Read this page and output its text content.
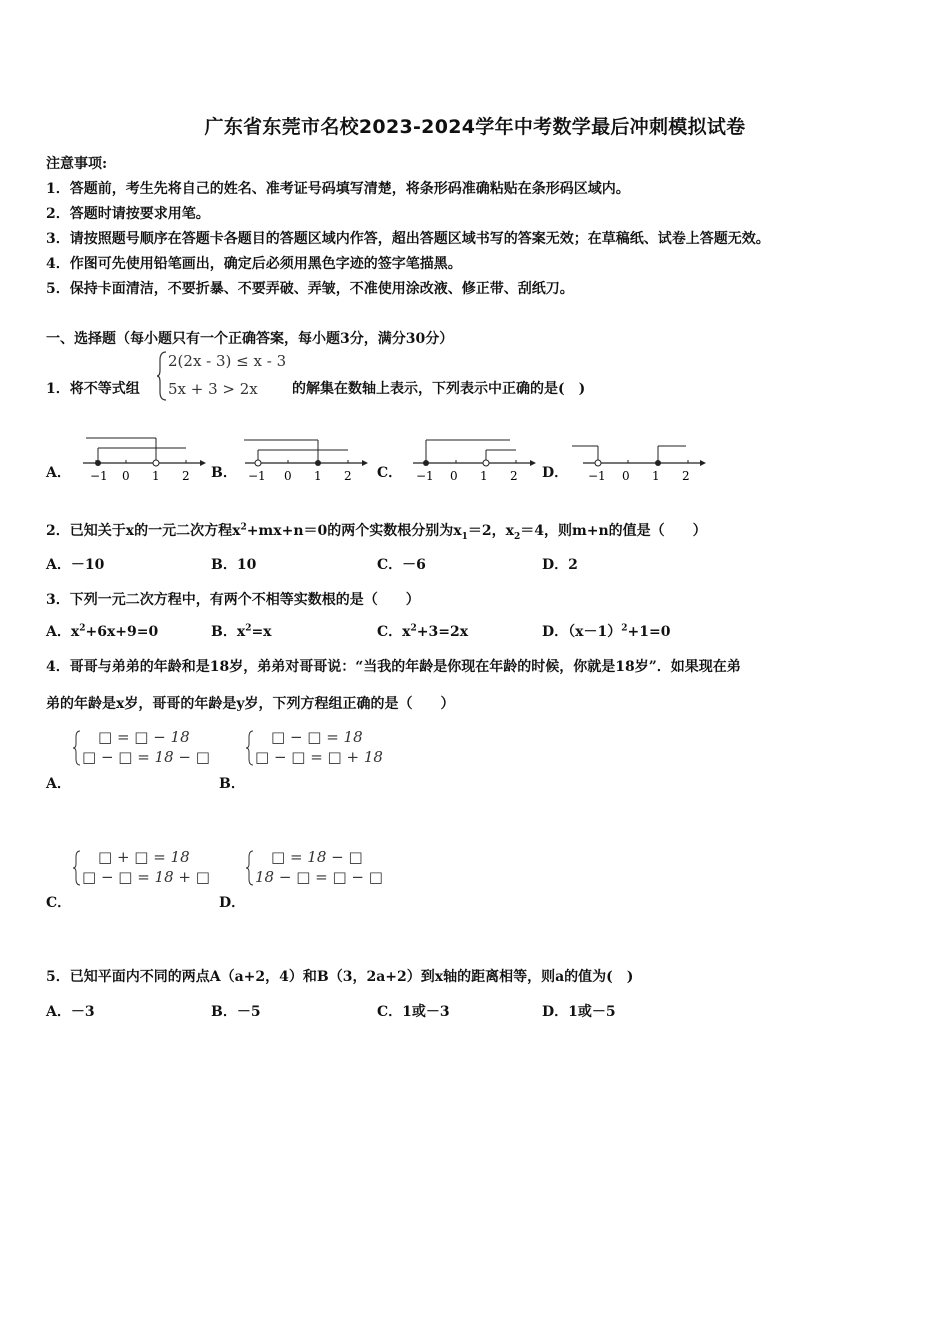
广东省东莞市名校2023-2024学年中考数学最后冲刺模拟试卷
注意事项:
1．答题前，考生先将自己的姓名、准考证号码填写清楚，将条形码准确粘贴在条形码区域内。
2．答题时请按要求用笔。
3．请按照题号顺序在答题卡各题目的答题区域内作答，超出答题区域书写的答案无效；在草稿纸、试卷上答题无效。
4．作图可先使用铅笔画出，确定后必须用黑色字迹的签字笔描黑。
5．保持卡面清洁，不要折暴、不要弄破、弄皱，不准使用涂改液、修正带、刮纸刀。
一、选择题（每小题只有一个正确答案，每小题3分，满分30分）
1．将不等式组
2(2x - 3) ≤ x - 3
5x + 3 > 2x 的解集在数轴上表示，下列表示中正确的是(　)
A． −1 0 1 2 B． −1 0 1 2 C． −1 0 1 2 D． −1 0 1 2
2．已知关于x的一元二次方程$x^2+mx+n=0$的两个实数根分别为$x_1=2$，$x_2=4$，则m+n的值是（　　）
A．－10	B．10	C．－6	D．2
3．下列一元二次方程中，有两个不相等实数根的是（　　）
A．$x^2+6x+9=0$	B．$x^2=x$	C．$x^2+3=2x$	D．$(x-1)^2+1=0$
4．哥哥与弟弟的年龄和是18岁，弟弟对哥哥说：“当我的年龄是你现在年龄的时候，你就是18岁”．如果现在弟
弟的年龄是x岁，哥哥的年龄是y岁，下列方程组正确的是（　　）
□ = □ − 18
□ − □ = 18 − □
A．
□ − □ = 18
□ − □ = □ + 18
B．
□ + □ = 18
□ − □ = 18 + □
C．
□ = 18 − □
18 − □ = □ − □
D．
5．已知平面内不同的两点A（a+2，4）和B（3，2a+2）到x轴的距离相等，则a的值为(　)
A．－3	B．－5	C．1或－3	D．1或－5
